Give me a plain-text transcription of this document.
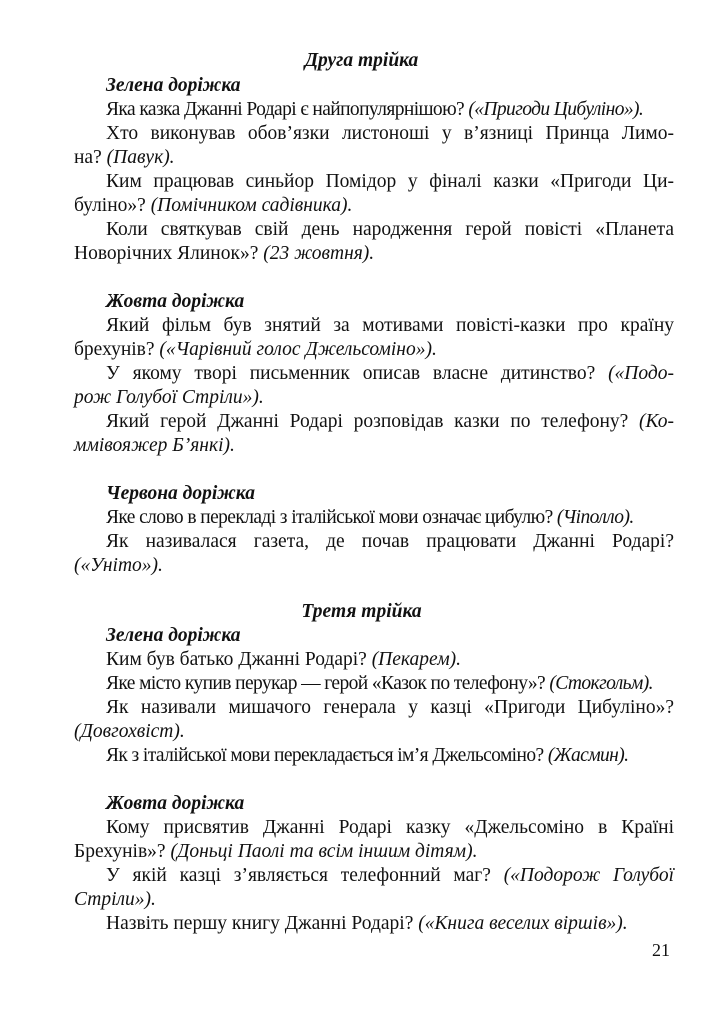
Друга трійка
Зелена доріжка
Яка казка Джанні Родарі є найпопулярнішою? («Пригоди Цибуліно»).
Хто виконував обов’язки листоноші у в’язниці Принца Лимо-
на? (Павук).
Ким працював синьйор Помідор у фіналі казки «Пригоди Ци-
буліно»? (Помічником садівника).
Коли святкував свій день народження герой повісті «Планета
Новорічних Ялинок»? (23 жовтня).
Жовта доріжка
Який фільм був знятий за мотивами повісті-казки про країну
брехунів? («Чарівний голос Джельсоміно»).
У якому творі письменник описав власне дитинство? («Подо-
рож Голубої Стріли»).
Який герой Джанні Родарі розповідав казки по телефону? (Ко-
ммівояжер Б’янкі).
Червона доріжка
Яке слово в перекладі з італійської мови означає цибулю? (Чіполло).
Як називалася газета, де почав працювати Джанні Родарі?
(«Уніто»).
Третя трійка
Зелена доріжка
Ким був батько Джанні Родарі? (Пекарем).
Яке місто купив перукар — герой «Казок по телефону»? (Стокгольм).
Як називали мишачого генерала у казці «Пригоди Цибуліно»?
(Довгохвіст).
Як з італійської мови перекладається ім’я Джельсоміно? (Жасмин).
Жовта доріжка
Кому присвятив Джанні Родарі казку «Джельсоміно в Країні
Брехунів»? (Доньці Паолі та всім іншим дітям).
У якій казці з’являється телефонний маг? («Подорож Голубої
Стріли»).
Назвіть першу книгу Джанні Родарі? («Книга веселих віршів»).
21
